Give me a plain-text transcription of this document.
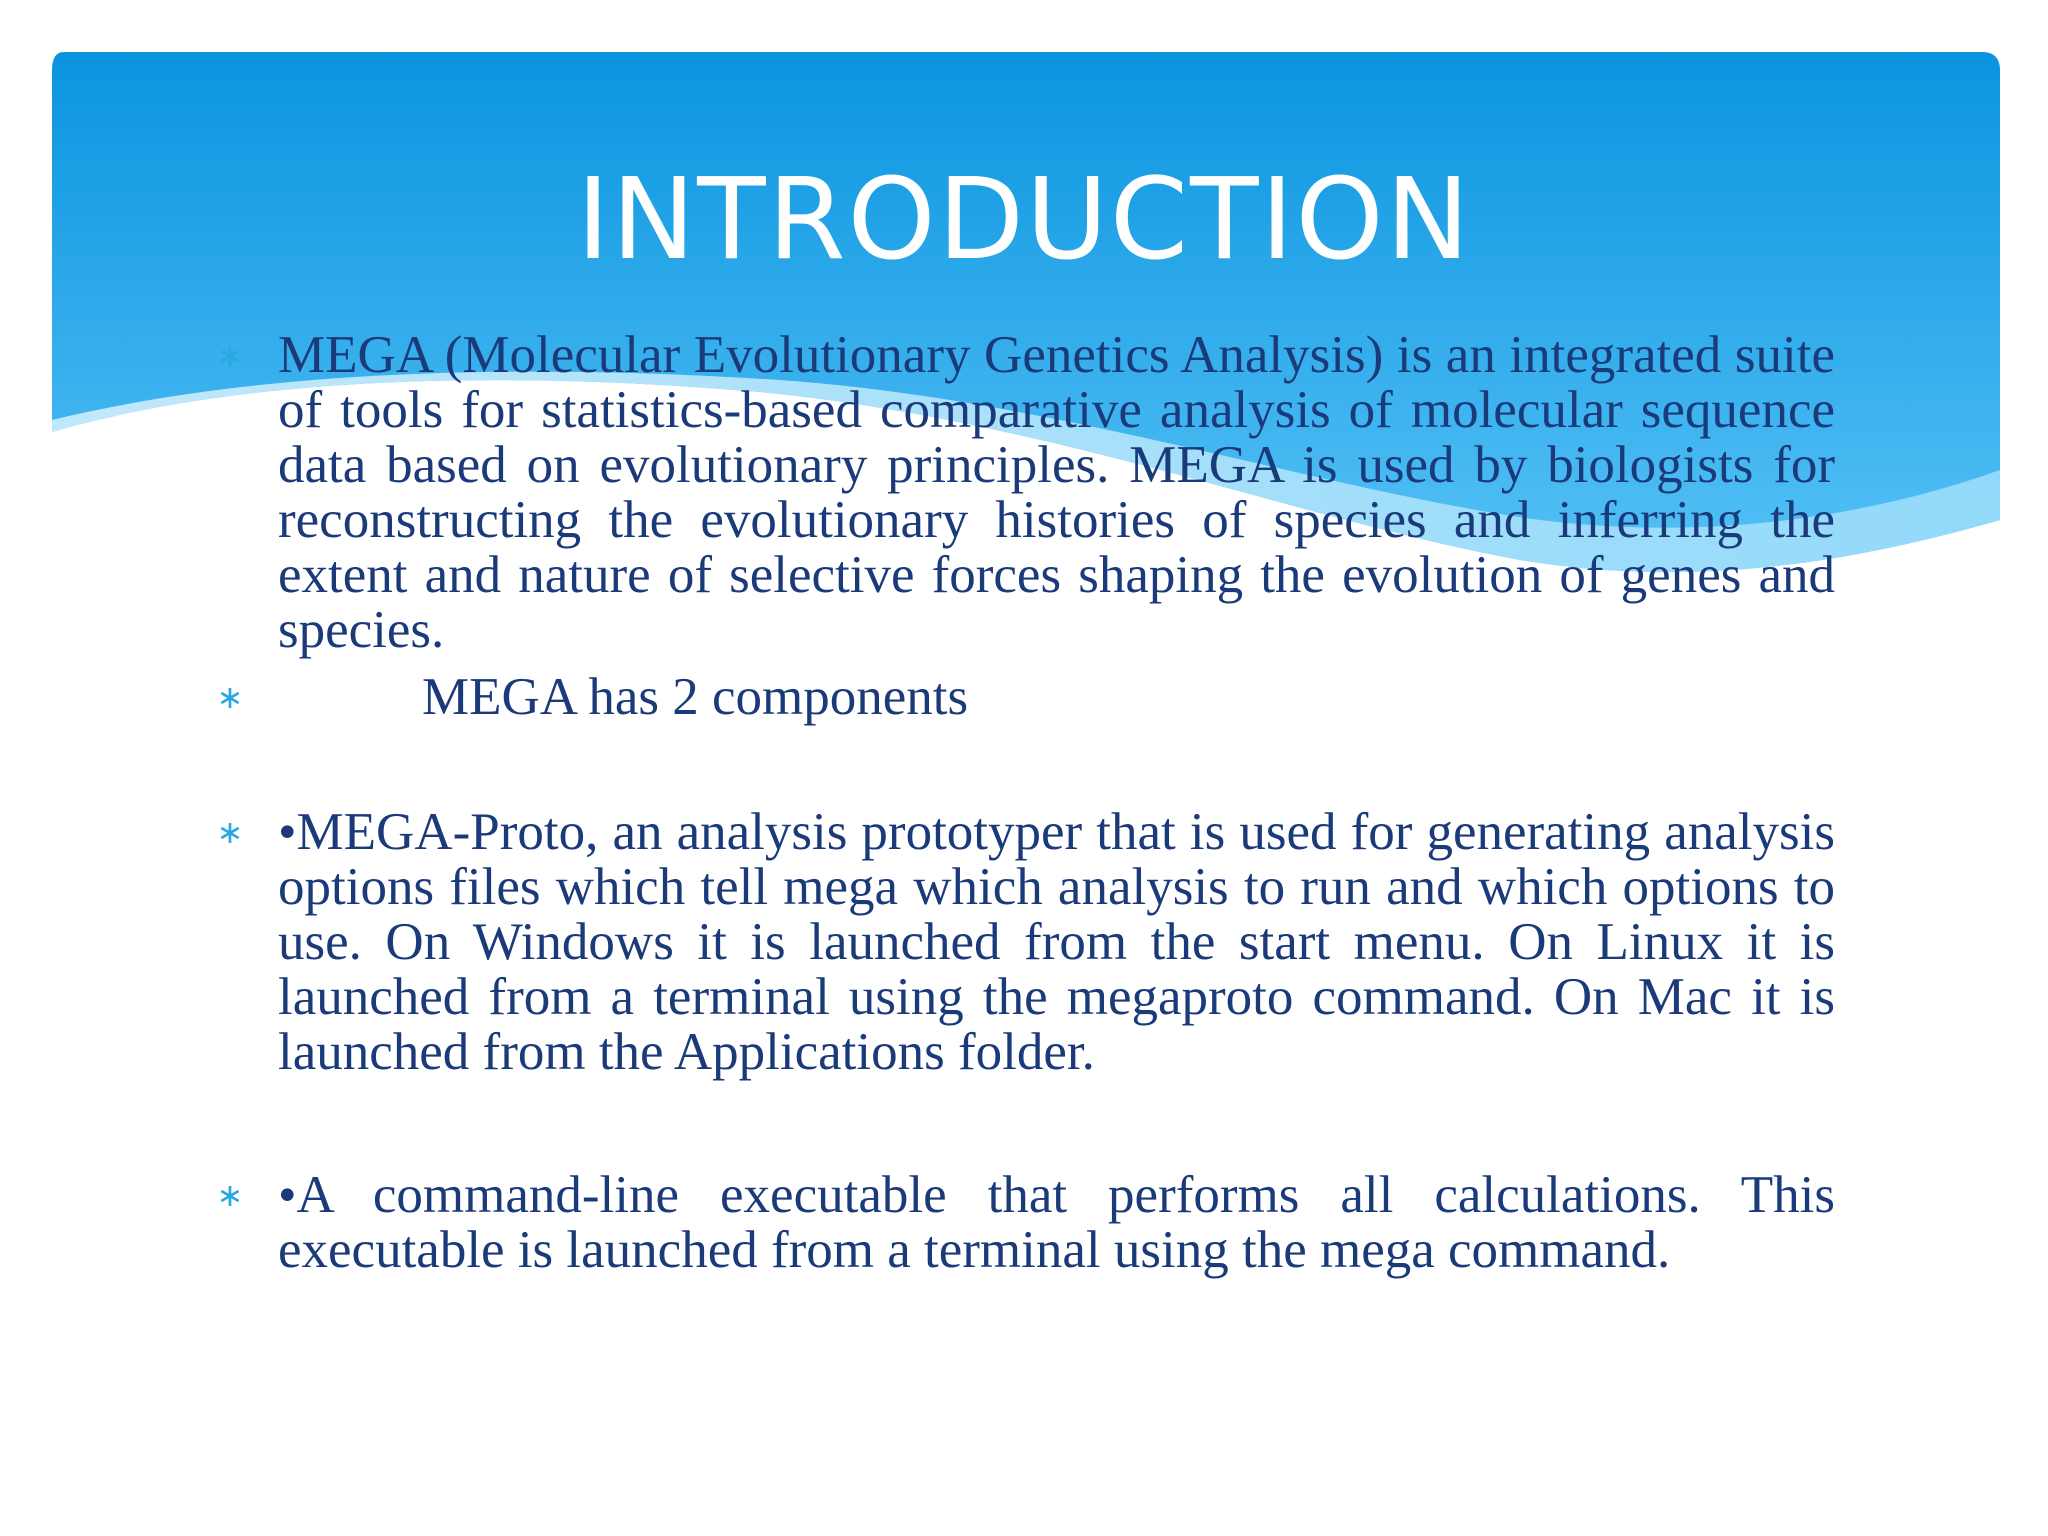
INTRODUCTION
∗ MEGA (Molecular Evolutionary Genetics Analysis) is an integrated suite of tools for statistics-based comparative analysis of molecular sequence data based on evolutionary principles. MEGA is used by biologists for reconstructing the evolutionary histories of species and inferring the extent and nature of selective forces shaping the evolution of genes and species.
∗	MEGA has 2 components
∗ •MEGA-Proto, an analysis prototyper that is used for generating analysis options files which tell mega which analysis to run and which options to use. On Windows it is launched from the start menu. On Linux it is launched from a terminal using the megaproto command. On Mac it is launched from the Applications folder.
∗ •A command-line executable that performs all calculations. This executable is launched from a terminal using the mega command.
